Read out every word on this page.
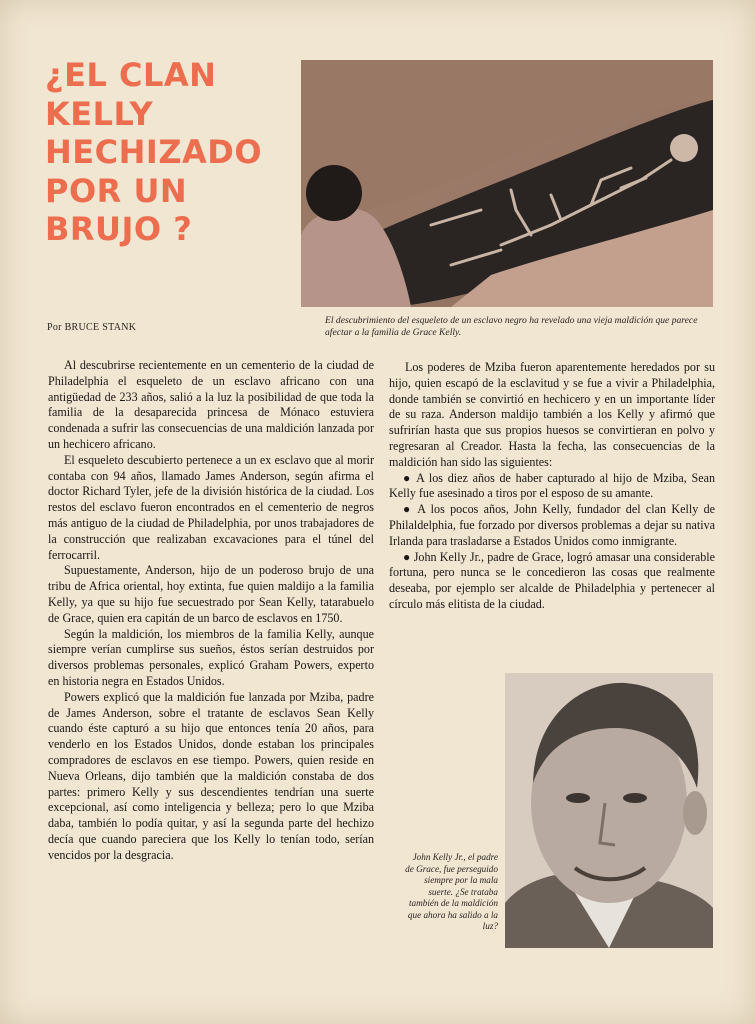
¿EL CLAN
KELLY
HECHIZADO
POR UN
BRUJO ?
Por BRUCE STANK
El descubrimiento del esqueleto de un esclavo negro ha revelado una vieja maldición que parece afectar a la familia de Grace Kelly.

Al descubrirse recientemente en un cementerio de la ciudad de Philadelphia el esqueleto de un esclavo africano con una antigüedad de 233 años, salió a la luz la posibilidad de que toda la familia de la desaparecida princesa de Mónaco estuviera condenada a sufrir las consecuencias de una maldición lanzada por un hechicero africano.

El esqueleto descubierto pertenece a un ex esclavo que al morir contaba con 94 años, llamado James Anderson, según afirma el doctor Richard Tyler, jefe de la división histórica de la ciudad. Los restos del esclavo fueron encontrados en el cementerio de negros más antiguo de la ciudad de Philadelphia, por unos trabajadores de la construcción que realizaban excavaciones para el túnel del ferrocarril.

Supuestamente, Anderson, hijo de un poderoso brujo de una tribu de Africa oriental, hoy extinta, fue quien maldijo a la familia Kelly, ya que su hijo fue secuestrado por Sean Kelly, tatarabuelo de Grace, quien era capitán de un barco de esclavos en 1750.

Según la maldición, los miembros de la familia Kelly, aunque siempre verían cumplirse sus sueños, éstos serían destruidos por diversos problemas personales, explicó Graham Powers, experto en historia negra en Estados Unidos.

Powers explicó que la maldición fue lanzada por Mziba, padre de James Anderson, sobre el tratante de esclavos Sean Kelly cuando éste capturó a su hijo que entonces tenía 20 años, para venderlo en los Estados Unidos, donde estaban los principales compradores de esclavos en ese tiempo. Powers, quien reside en Nueva Orleans, dijo también que la maldición constaba de dos partes: primero Kelly y sus descendientes tendrían una suerte excepcional, así como inteligencia y belleza; pero lo que Mziba daba, también lo podía quitar, y así la segunda parte del hechizo decía que cuando pareciera que los Kelly lo tenían todo, serían vencidos por la desgracia.

Los poderes de Mziba fueron aparentemente heredados por su hijo, quien escapó de la esclavitud y se fue a vivir a Philadelphia, donde también se convirtió en hechicero y en un importante líder de su raza. Anderson maldijo también a los Kelly y afirmó que sufrirían hasta que sus propios huesos se convirtieran en polvo y regresaran al Creador. Hasta la fecha, las consecuencias de la maldición han sido las siguientes:

● A los diez años de haber capturado al hijo de Mziba, Sean Kelly fue asesinado a tiros por el esposo de su amante.

● A los pocos años, John Kelly, fundador del clan Kelly de Philaldelphia, fue forzado por diversos problemas a dejar su nativa Irlanda para trasladarse a Estados Unidos como inmigrante.

● John Kelly Jr., padre de Grace, logró amasar una considerable fortuna, pero nunca se le concedieron las cosas que realmente deseaba, por ejemplo ser alcalde de Philadelphia y pertenecer al círculo más elitista de la ciudad.

John Kelly Jr., el padre de Grace, fue perseguido siempre por la mala suerte. ¿Se trataba también de la maldición que ahora ha salido a la luz?
